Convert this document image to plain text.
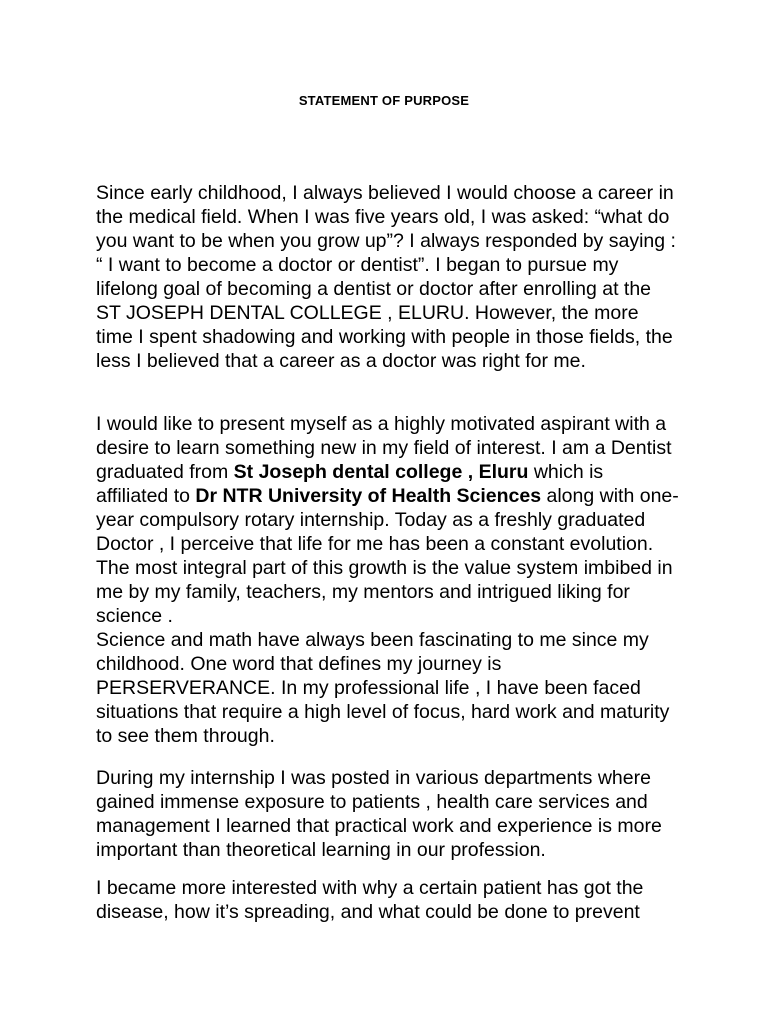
STATEMENT OF PURPOSE

Since early childhood, I always believed I would choose a career in the medical field. When I was five years old, I was asked: “what do you want to be when you grow up”? I always responded by saying : “ I want to become a doctor or dentist”. I began to pursue my lifelong goal of becoming a dentist or doctor after enrolling at the ST JOSEPH DENTAL COLLEGE , ELURU. However, the more time I spent shadowing and working with people in those fields, the less I believed that a career as a doctor was right for me.

I would like to present myself as a highly motivated aspirant with a desire to learn something new in my field of interest. I am a Dentist graduated from St Joseph dental college , Eluru which is affiliated to Dr NTR University of Health Sciences along with one-year compulsory rotary internship. Today as a freshly graduated Doctor , I perceive that life for me has been a constant evolution. The most integral part of this growth is the value system imbibed in me by my family, teachers, my mentors and intrigued liking for science .
Science and math have always been fascinating to me since my childhood. One word that defines my journey is PERSERVERANCE. In my professional life , I have been faced situations that require a high level of focus, hard work and maturity to see them through.

During my internship I was posted in various departments where gained immense exposure to patients , health care services and management I learned that practical work and experience is more important than theoretical learning in our profession.

I became more interested with why a certain patient has got the disease, how it’s spreading, and what could be done to prevent
